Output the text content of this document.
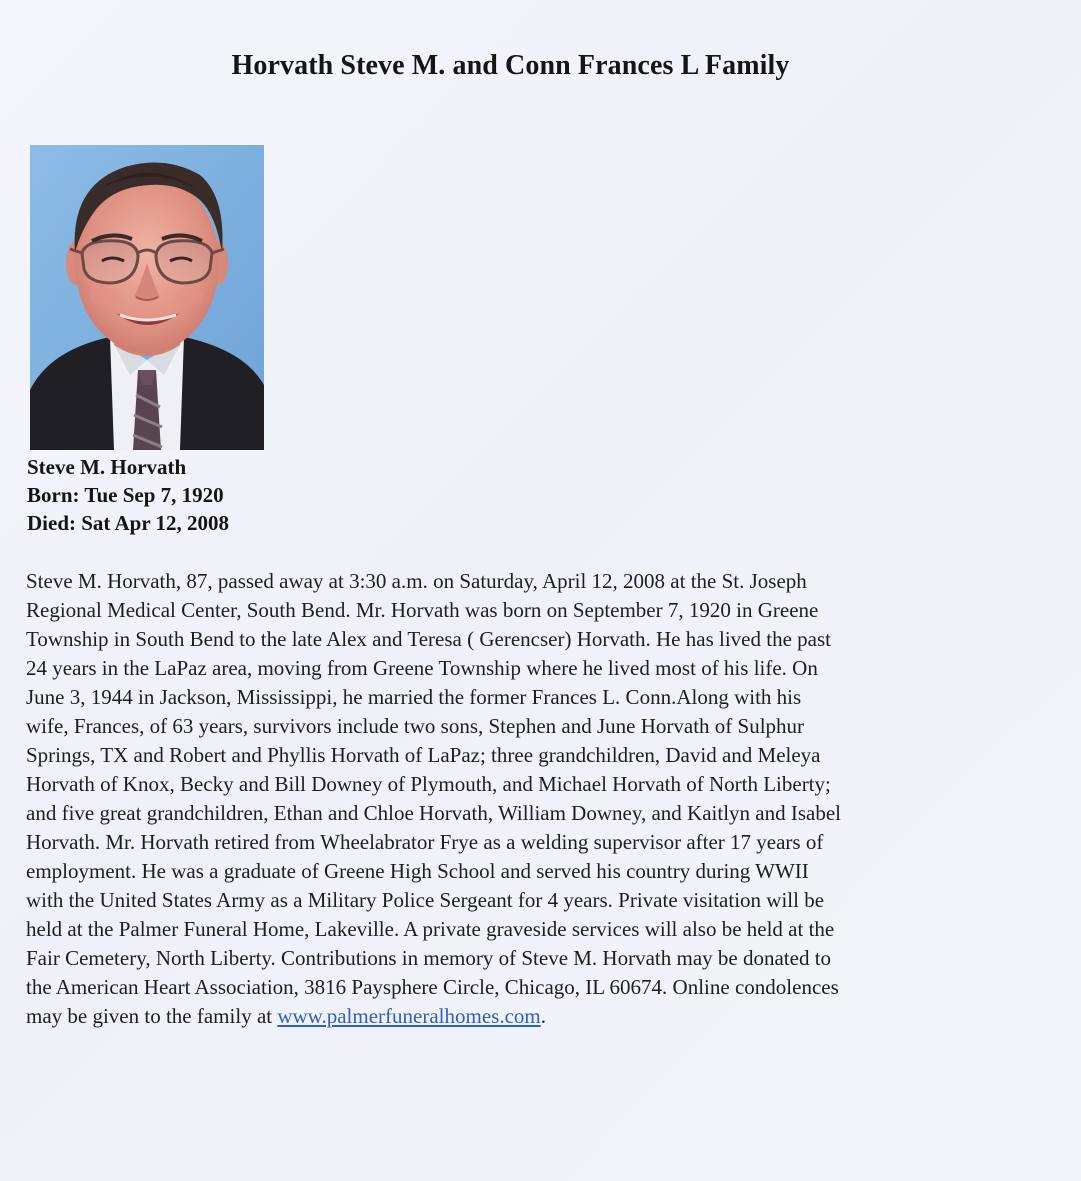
Horvath Steve M. and Conn Frances L Family
Steve M. Horvath
Born: Tue Sep 7, 1920
Died: Sat Apr 12, 2008
Steve M. Horvath, 87, passed away at 3:30 a.m. on Saturday, April 12, 2008 at the St. Joseph
Regional Medical Center, South Bend. Mr. Horvath was born on September 7, 1920 in Greene
Township in South Bend to the late Alex and Teresa ( Gerencser) Horvath. He has lived the past
24 years in the LaPaz area, moving from Greene Township where he lived most of his life. On
June 3, 1944 in Jackson, Mississippi, he married the former Frances L. Conn.Along with his
wife, Frances, of 63 years, survivors include two sons, Stephen and June Horvath of Sulphur
Springs, TX and Robert and Phyllis Horvath of LaPaz; three grandchildren, David and Meleya
Horvath of Knox, Becky and Bill Downey of Plymouth, and Michael Horvath of North Liberty;
and five great grandchildren, Ethan and Chloe Horvath, William Downey, and Kaitlyn and Isabel
Horvath. Mr. Horvath retired from Wheelabrator Frye as a welding supervisor after 17 years of
employment. He was a graduate of Greene High School and served his country during WWII
with the United States Army as a Military Police Sergeant for 4 years. Private visitation will be
held at the Palmer Funeral Home, Lakeville. A private graveside services will also be held at the
Fair Cemetery, North Liberty. Contributions in memory of Steve M. Horvath may be donated to
the American Heart Association, 3816 Paysphere Circle, Chicago, IL 60674. Online condolences
may be given to the family at www.palmerfuneralhomes.com.
